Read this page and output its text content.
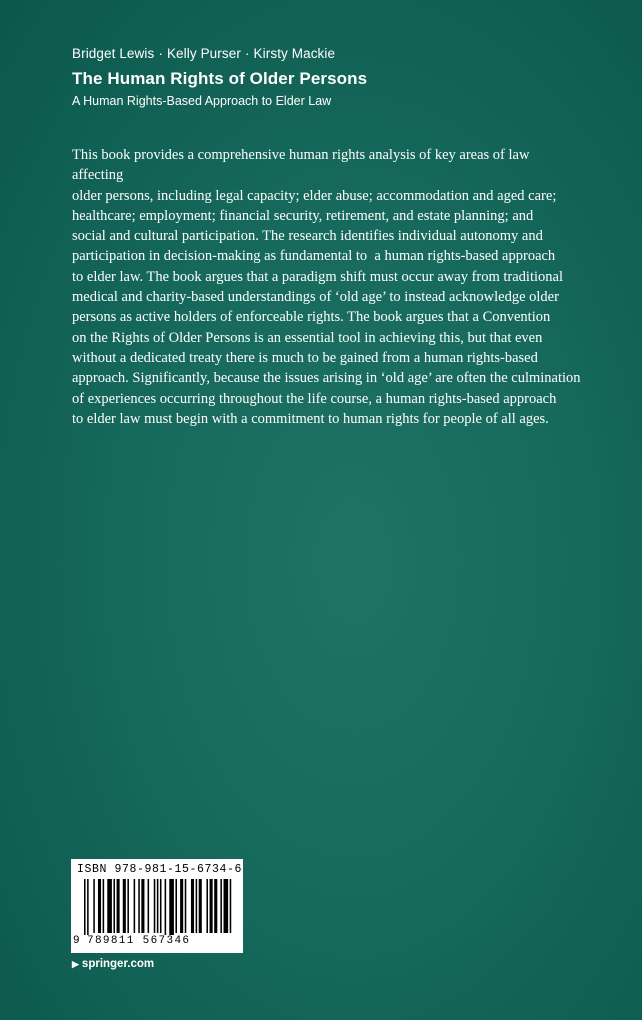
Bridget Lewis · Kelly Purser · Kirsty Mackie
The Human Rights of Older Persons
A Human Rights-Based Approach to Elder Law
This book provides a comprehensive human rights analysis of key areas of law affecting
older persons, including legal capacity; elder abuse; accommodation and aged care;
healthcare; employment; financial security, retirement, and estate planning; and
social and cultural participation. The research identifies individual autonomy and
participation in decision-making as fundamental to  a human rights-based approach
to elder law. The book argues that a paradigm shift must occur away from traditional
medical and charity-based understandings of ‘old age’ to instead acknowledge older
persons as active holders of enforceable rights. The book argues that a Convention
on the Rights of Older Persons is an essential tool in achieving this, but that even
without a dedicated treaty there is much to be gained from a human rights-based
approach. Significantly, because the issues arising in ‘old age’ are often the culmination
of experiences occurring throughout the life course, a human rights-based approach
to elder law must begin with a commitment to human rights for people of all ages.
ISBN 978-981-15-6734-6
9 789811 567346
▶ springer.com
